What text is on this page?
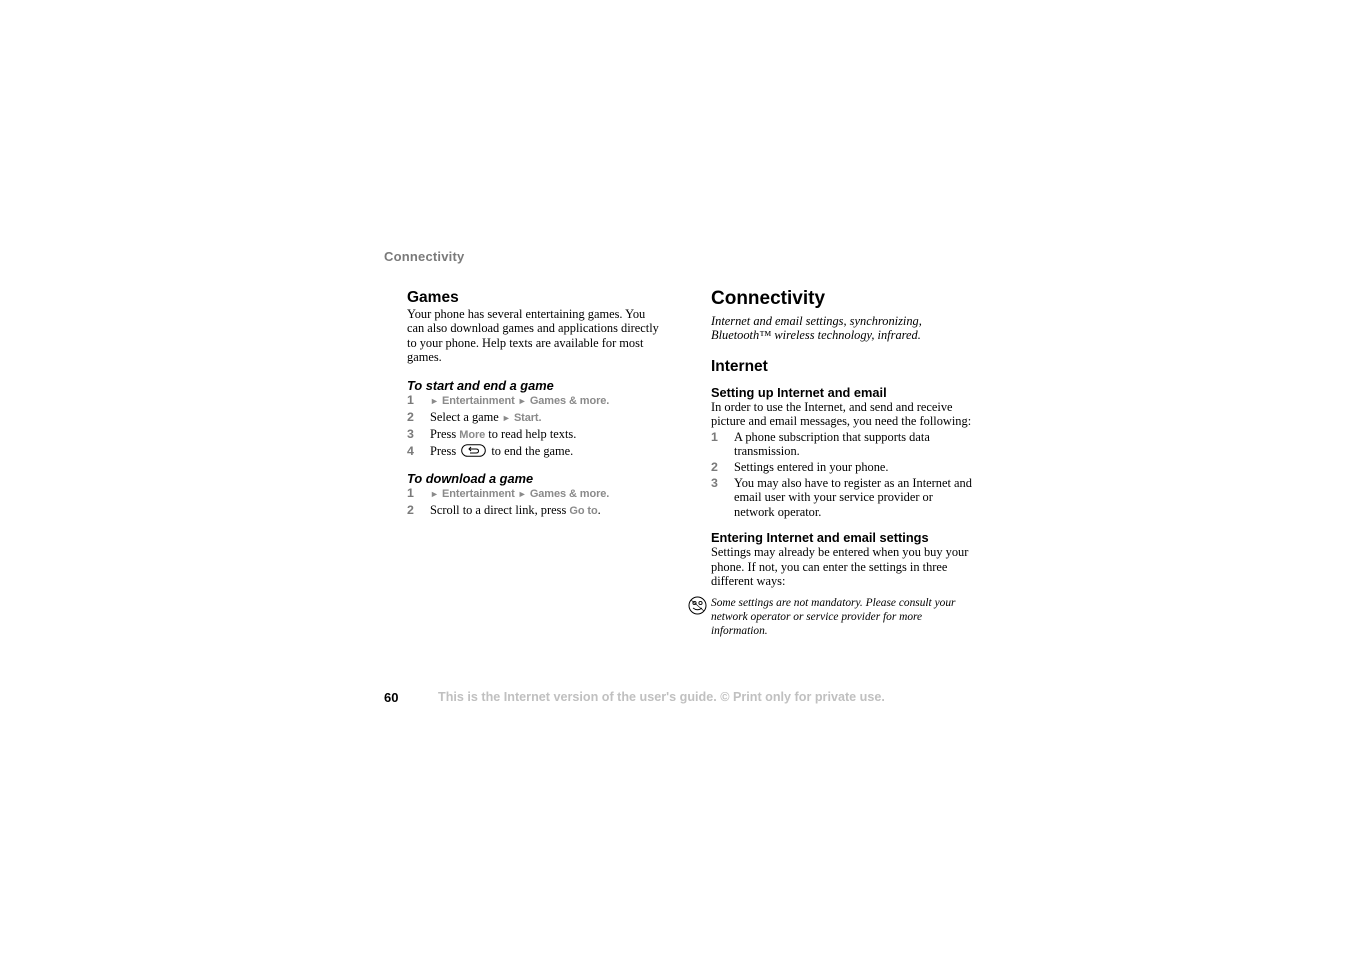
Connectivity
Games

Your phone has several entertaining games. You can also download games and applications directly to your phone. Help texts are available for most games.

To start and end a game
1 ► Entertainment ► Games & more.
2 Select a game ► Start.
3 Press More to read help texts.
4 Press  to end the game.
To download a game
1 ► Entertainment ► Games & more.
2 Scroll to a direct link, press Go to.
Connectivity

Internet and email settings, synchronizing, Bluetooth™ wireless technology, infrared.

Internet
Setting up Internet and email

In order to use the Internet, and send and receive picture and email messages, you need the following:

1 A phone subscription that supports data transmission.
2 Settings entered in your phone.
3 You may also have to register as an Internet and email user with your service provider or network operator.
Entering Internet and email settings

Settings may already be entered when you buy your phone. If not, you can enter the settings in three different ways:

Some settings are not mandatory. Please consult your network operator or service provider for more information.

60	This is the Internet version of the user's guide. © Print only for private use.
